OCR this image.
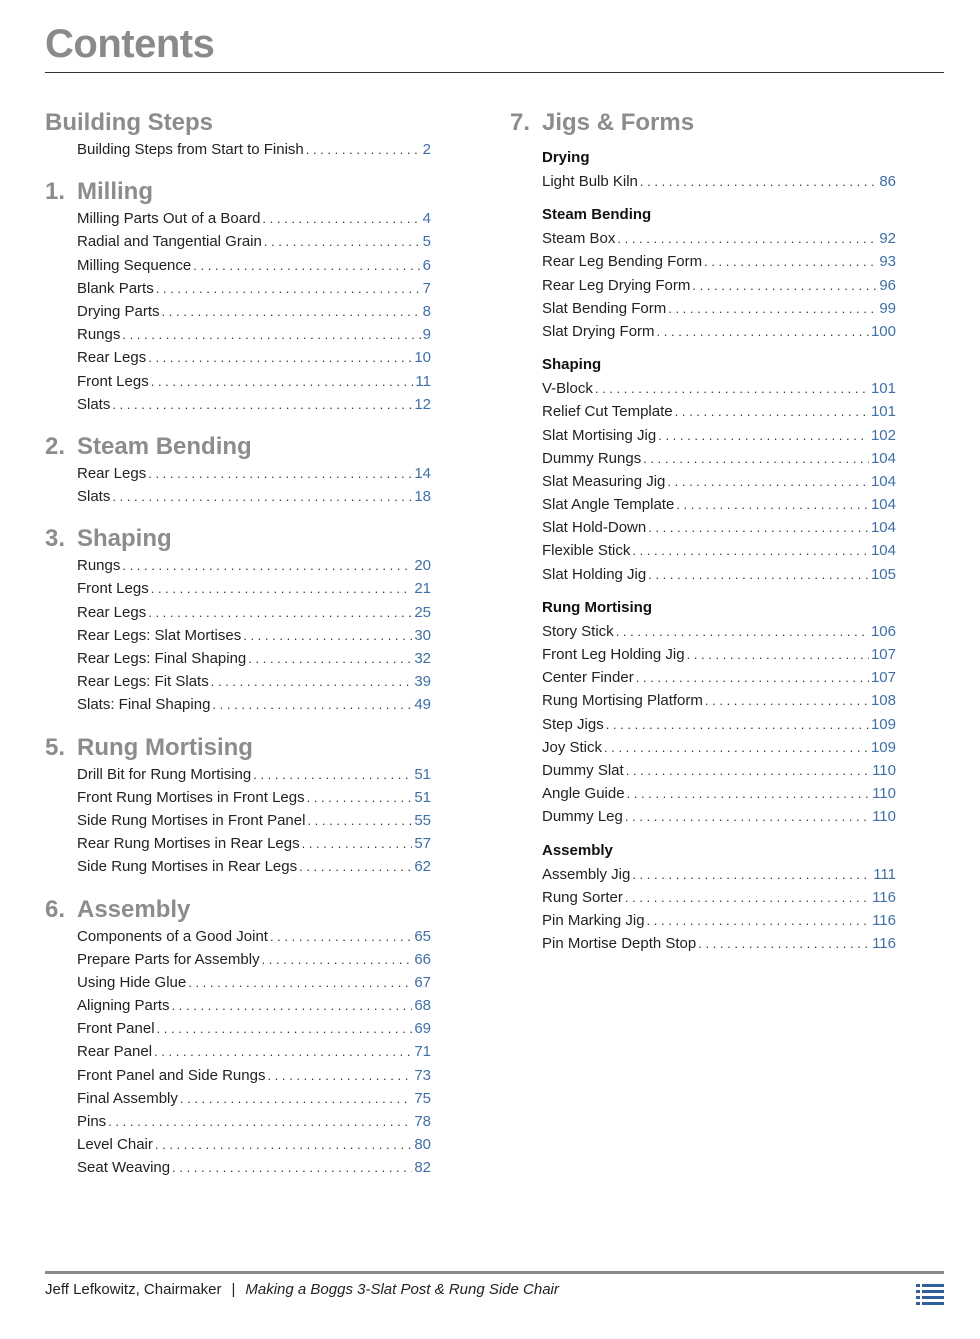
Contents
Building Steps
Building Steps from Start to Finish . . .	2
1. Milling
Milling Parts Out of a Board . . .	4
Radial and Tangential Grain . . .	5
Milling Sequence . . .	6
Blank Parts . . .	7
Drying Parts . . .	8
Rungs . . .	9
Rear Legs . . .	10
Front Legs . . .	11
Slats . . .	12
2. Steam Bending
Rear Legs . . .	14
Slats . . .	18
3. Shaping
Rungs . . .	20
Front Legs . . .	21
Rear Legs . . .	25
Rear Legs: Slat Mortises . . .	30
Rear Legs: Final Shaping . . .	32
Rear Legs: Fit Slats . . .	39
Slats: Final Shaping . . .	49
5. Rung Mortising
Drill Bit for Rung Mortising . . .	51
Front Rung Mortises in Front Legs . . .	51
Side Rung Mortises in Front Panel . . .	55
Rear Rung Mortises in Rear Legs . . .	57
Side Rung Mortises in Rear Legs . . .	62
6. Assembly
Components of a Good Joint . . .	65
Prepare Parts for Assembly . . .	66
Using Hide Glue . . .	67
Aligning Parts . . .	68
Front Panel . . .	69
Rear Panel . . .	71
Front Panel and Side Rungs . . .	73
Final Assembly . . .	75
Pins . . .	78
Level Chair . . .	80
Seat Weaving . . .	82
7. Jigs & Forms
Drying
Light Bulb Kiln . . .	86
Steam Bending
Steam Box . . .	92
Rear Leg Bending Form . . .	93
Rear Leg Drying Form . . .	96
Slat Bending Form . . .	99
Slat Drying Form . . .	100
Shaping
V-Block . . .	101
Relief Cut Template . . .	101
Slat Mortising Jig . . .	102
Dummy Rungs . . .	104
Slat Measuring Jig . . .	104
Slat Angle Template . . .	104
Slat Hold-Down . . .	104
Flexible Stick . . .	104
Slat Holding Jig . . .	105
Rung Mortising
Story Stick . . .	106
Front Leg Holding Jig . . .	107
Center Finder . . .	107
Rung Mortising Platform . . .	108
Step Jigs . . .	109
Joy Stick . . .	109
Dummy Slat . . .	110
Angle Guide . . .	110
Dummy Leg . . .	110
Assembly
Assembly Jig . . .	111
Rung Sorter . . .	116
Pin Marking Jig . . .	116
Pin Mortise Depth Stop . . .	116
Jeff Lefkowitz, Chairmaker | Making a Boggs 3-Slat Post & Rung Side Chair
